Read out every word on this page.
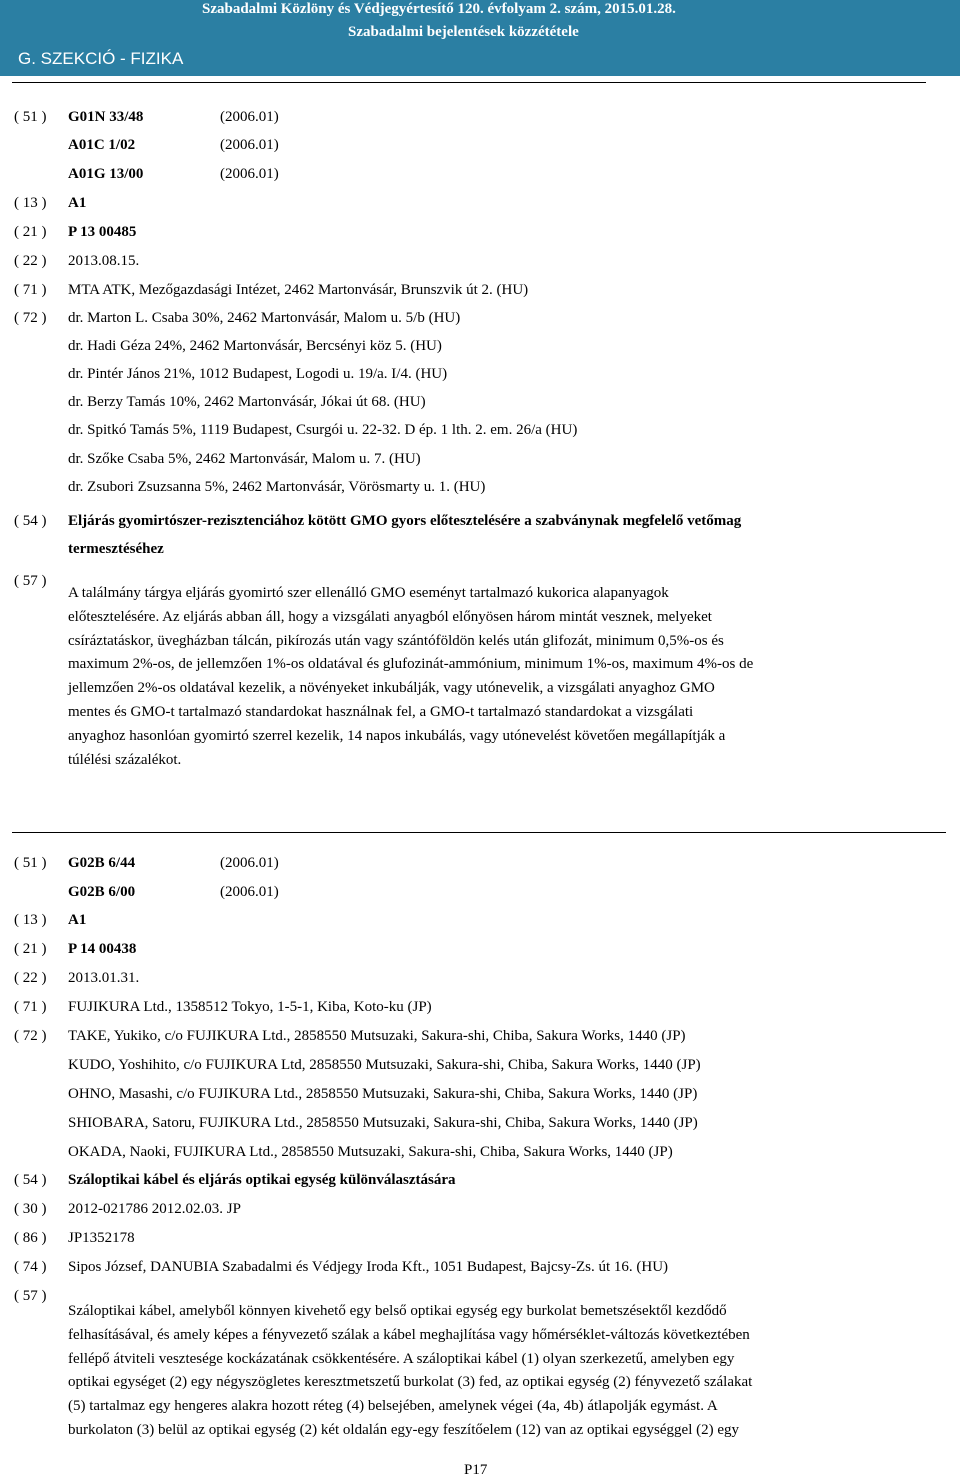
Szabadalmi Közlöny és Védjegyértesítő 120. évfolyam 2. szám, 2015.01.28.
Szabadalmi bejelentések közzététele
G. SZEKCIÓ - FIZIKA
( 51 ) G01N 33/48	(2006.01)
A01C 1/02	(2006.01)
A01G 13/00	(2006.01)
( 13 ) A1
( 21 ) P 13 00485
( 22 ) 2013.08.15.
( 71 ) MTA ATK, Mezőgazdasági Intézet, 2462 Martonvásár, Brunszvik út 2. (HU)
( 72 ) dr. Marton L. Csaba 30%, 2462 Martonvásár, Malom u. 5/b (HU)
dr. Hadi Géza 24%, 2462 Martonvásár, Bercsényi köz 5. (HU)
dr. Pintér János 21%, 1012 Budapest, Logodi u. 19/a. I/4. (HU)
dr. Berzy Tamás 10%, 2462 Martonvásár, Jókai út 68. (HU)
dr. Spitkó Tamás 5%, 1119 Budapest, Csurgói u. 22-32. D ép. 1 lth. 2. em. 26/a (HU)
dr. Szőke Csaba 5%, 2462 Martonvásár, Malom u. 7. (HU)
dr. Zsubori Zsuzsanna 5%, 2462 Martonvásár, Vörösmarty u. 1. (HU)
( 54 ) Eljárás gyomirtószer-rezisztenciához kötött GMO gyors előtesztelésére a szabványnak megfelelő vetőmag
termesztéséhez
( 57 )
A találmány tárgya eljárás gyomirtó szer ellenálló GMO eseményt tartalmazó kukorica alapanyagok
előtesztelésére. Az eljárás abban áll, hogy a vizsgálati anyagból előnyösen három mintát vesznek, melyeket
csíráztatáskor, üvegházban tálcán, pikírozás után vagy szántóföldön kelés után glifozát, minimum 0,5%-os és
maximum 2%-os, de jellemzően 1%-os oldatával és glufozinát-ammónium, minimum 1%-os, maximum 4%-os de
jellemzően 2%-os oldatával kezelik, a növényeket inkubálják, vagy utónevelik, a vizsgálati anyaghoz GMO
mentes és GMO-t tartalmazó standardokat használnak fel, a GMO-t tartalmazó standardokat a vizsgálati
anyaghoz hasonlóan gyomirtó szerrel kezelik, 14 napos inkubálás, vagy utónevelést követően megállapítják a
túlélési százalékot.
( 51 ) G02B 6/44	(2006.01)
G02B 6/00	(2006.01)
( 13 ) A1
( 21 ) P 14 00438
( 22 ) 2013.01.31.
( 71 ) FUJIKURA Ltd., 1358512 Tokyo, 1-5-1, Kiba, Koto-ku (JP)
( 72 ) TAKE, Yukiko, c/o FUJIKURA Ltd., 2858550 Mutsuzaki, Sakura-shi, Chiba, Sakura Works, 1440 (JP)
KUDO, Yoshihito, c/o FUJIKURA Ltd, 2858550 Mutsuzaki, Sakura-shi, Chiba, Sakura Works, 1440 (JP)
OHNO, Masashi, c/o FUJIKURA Ltd., 2858550 Mutsuzaki, Sakura-shi, Chiba, Sakura Works, 1440 (JP)
SHIOBARA, Satoru, FUJIKURA Ltd., 2858550 Mutsuzaki, Sakura-shi, Chiba, Sakura Works, 1440 (JP)
OKADA, Naoki, FUJIKURA Ltd., 2858550 Mutsuzaki, Sakura-shi, Chiba, Sakura Works, 1440 (JP)
( 54 ) Száloptikai kábel és eljárás optikai egység különválasztására
( 30 ) 2012-021786 2012.02.03. JP
( 86 ) JP1352178
( 74 ) Sipos József, DANUBIA Szabadalmi és Védjegy Iroda Kft., 1051 Budapest, Bajcsy-Zs. út 16. (HU)
( 57 )
Száloptikai kábel, amelyből könnyen kivehető egy belső optikai egység egy burkolat bemetszésektől kezdődő
felhasításával, és amely képes a fényvezető szálak a kábel meghajlítása vagy hőmérséklet-változás következtében
fellépő átviteli vesztesége kockázatának csökkentésére. A száloptikai kábel (1) olyan szerkezetű, amelyben egy
optikai egységet (2) egy négyszögletes keresztmetszetű burkolat (3) fed, az optikai egység (2) fényvezető szálakat
(5) tartalmaz egy hengeres alakra hozott réteg (4) belsejében, amelynek végei (4a, 4b) átlapolják egymást. A
burkolaton (3) belül az optikai egység (2) két oldalán egy-egy feszítőelem (12) van az optikai egységgel (2) egy
P17
